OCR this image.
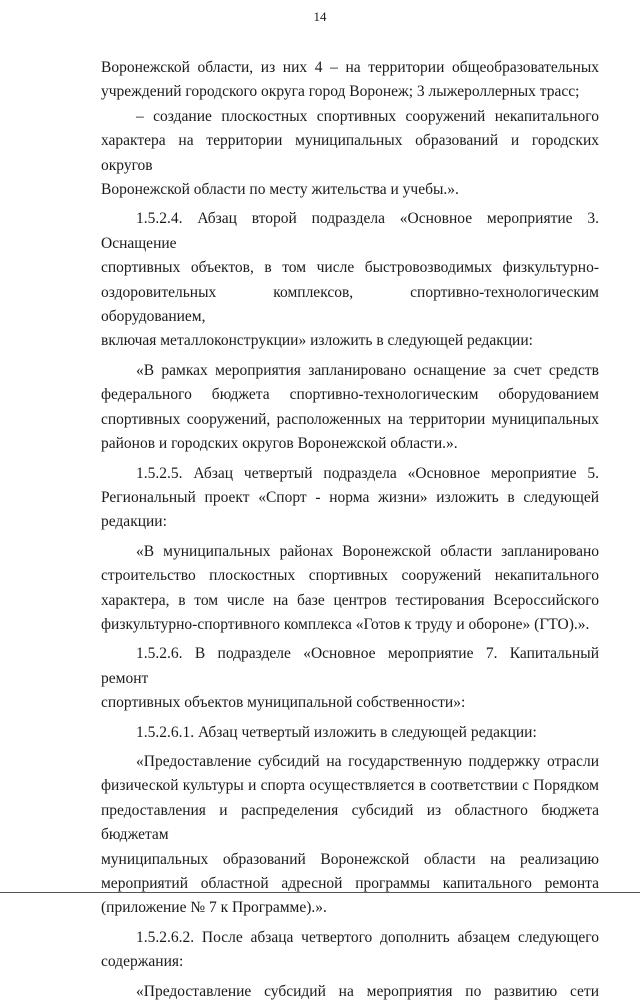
14

Воронежской области, из них 4 – на территории общеобразовательных

учреждений городского округа город Воронеж; 3 лыжероллерных трасс;

– создание плоскостных спортивных сооружений некапитального

характера на территории муниципальных образований и городских округов

Воронежской области по месту жительства и учебы.».

1.5.2.4. Абзац второй подраздела «Основное мероприятие 3. Оснащение

спортивных объектов, в том числе быстровозводимых физкультурно-

оздоровительных комплексов, спортивно-технологическим оборудованием,

включая металлоконструкции» изложить в следующей редакции:

«В рамках мероприятия запланировано оснащение за счет средств

федерального бюджета спортивно-технологическим оборудованием

спортивных сооружений, расположенных на территории муниципальных

районов и городских округов Воронежской области.».

1.5.2.5. Абзац четвертый подраздела «Основное мероприятие 5.

Региональный проект «Спорт - норма жизни» изложить в следующей

редакции:

«В муниципальных районах Воронежской области запланировано

строительство плоскостных спортивных сооружений некапитального

характера, в том числе на базе центров тестирования Всероссийского

физкультурно-спортивного комплекса «Готов к труду и обороне» (ГТО).».

1.5.2.6. В подразделе «Основное мероприятие 7. Капитальный ремонт

спортивных объектов муниципальной собственности»:

1.5.2.6.1. Абзац четвертый изложить в следующей редакции:

«Предоставление субсидий на государственную поддержку отрасли

физической культуры и спорта осуществляется в соответствии с Порядком

предоставления и распределения субсидий из областного бюджета бюджетам

муниципальных образований Воронежской области на реализацию

мероприятий областной адресной программы капитального ремонта

(приложение № 7 к Программе).».

1.5.2.6.2. После абзаца четвертого дополнить абзацем следующего

содержания:

«Предоставление субсидий на мероприятия по развитию сети
